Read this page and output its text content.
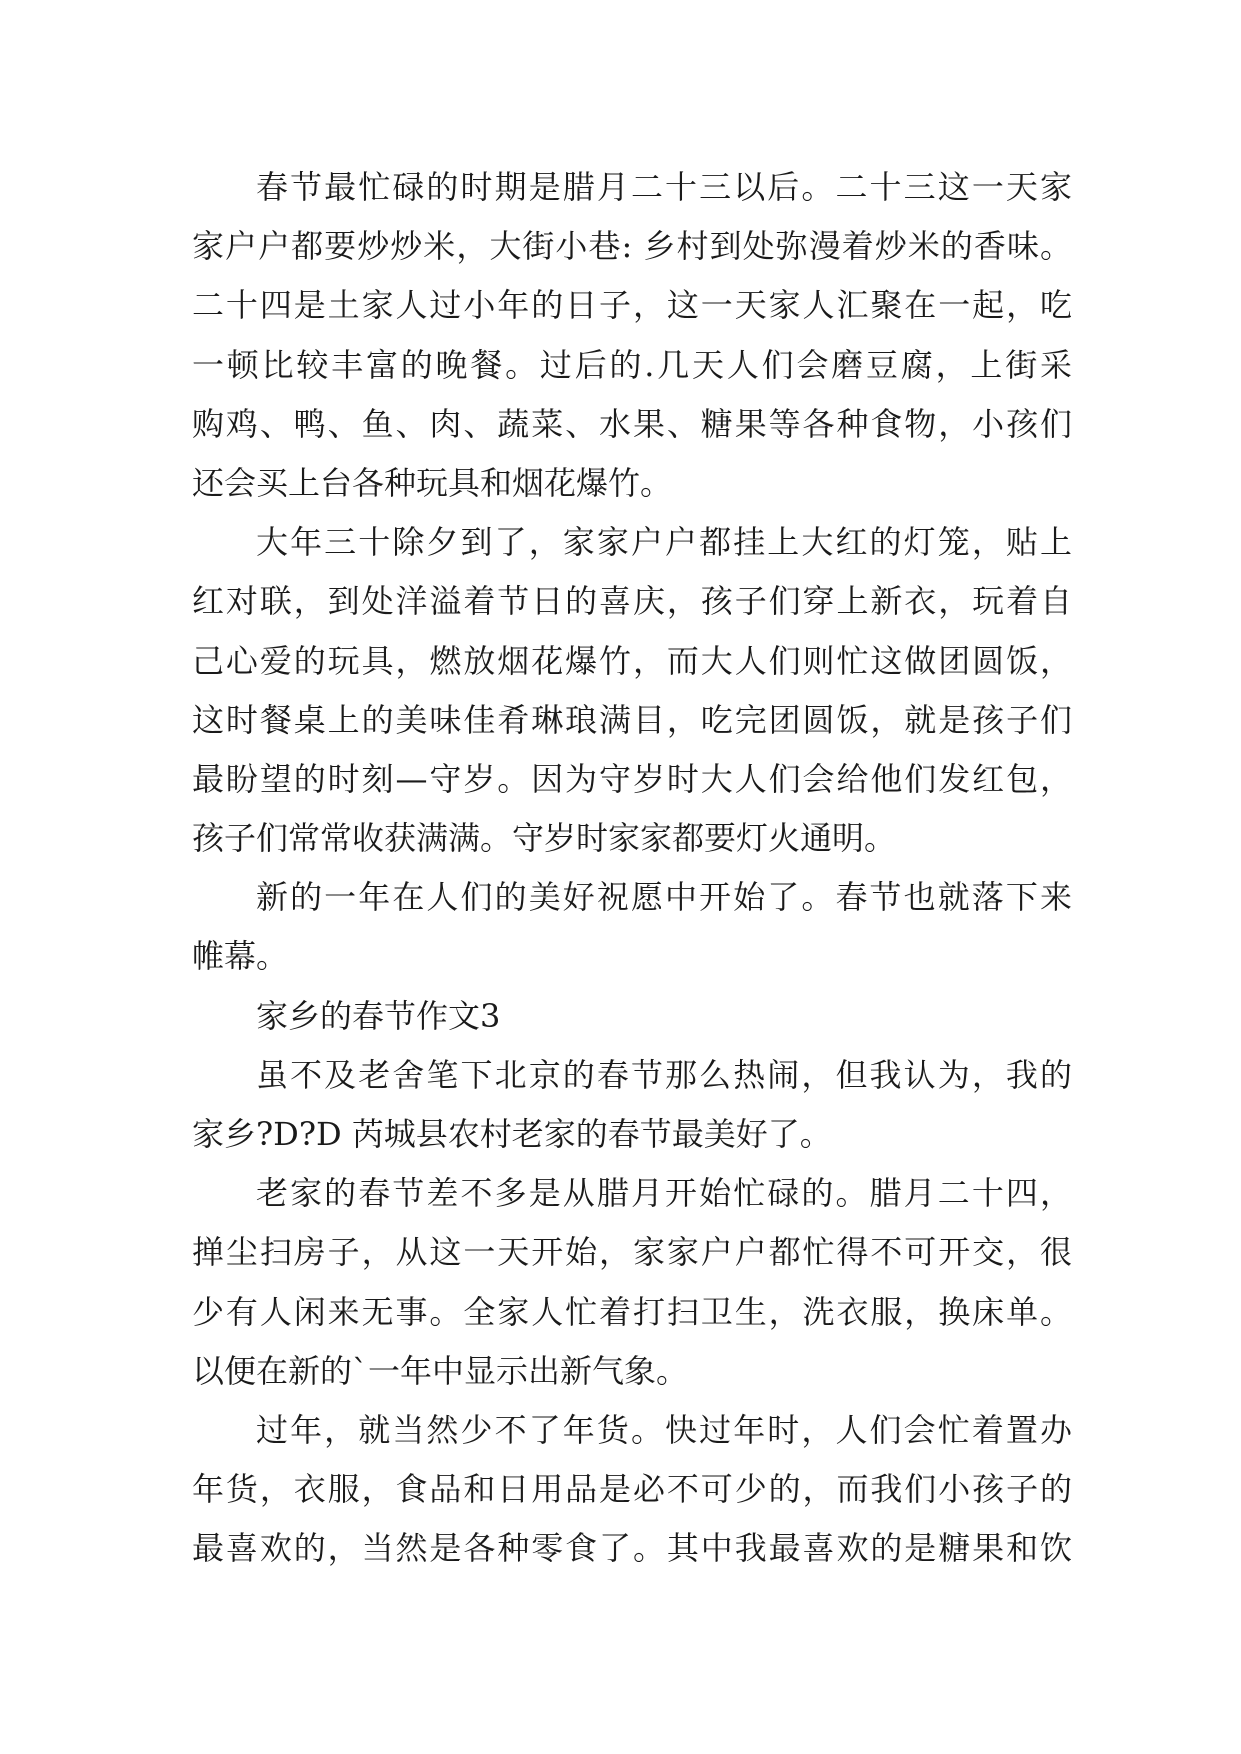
春节最忙碌的时期是腊月二十三以后。二十三这一天家
家户户都要炒炒米，大街小巷: 乡村到处弥漫着炒米的香味。
二十四是土家人过小年的日子，这一天家人汇聚在一起，吃
一顿比较丰富的晚餐。过后的.几天人们会磨豆腐，上街采
购鸡、鸭、鱼、肉、蔬菜、水果、糖果等各种食物，小孩们
还会买上台各种玩具和烟花爆竹。
大年三十除夕到了，家家户户都挂上大红的灯笼，贴上
红对联，到处洋溢着节日的喜庆，孩子们穿上新衣，玩着自
己心爱的玩具，燃放烟花爆竹，而大人们则忙这做团圆饭，
这时餐桌上的美味佳肴琳琅满目，吃完团圆饭，就是孩子们
最盼望的时刻—守岁。因为守岁时大人们会给他们发红包，
孩子们常常收获满满。守岁时家家都要灯火通明。
新的一年在人们的美好祝愿中开始了。春节也就落下来
帷幕。
家乡的春节作文3
虽不及老舍笔下北京的春节那么热闹，但我认为，我的
家乡?D?D 芮城县农村老家的春节最美好了。
老家的春节差不多是从腊月开始忙碌的。腊月二十四，
掸尘扫房子，从这一天开始，家家户户都忙得不可开交，很
少有人闲来无事。全家人忙着打扫卫生，洗衣服，换床单。
以便在新的`一年中显示出新气象。
过年，就当然少不了年货。快过年时，人们会忙着置办
年货，衣服，食品和日用品是必不可少的，而我们小孩子的
最喜欢的，当然是各种零食了。其中我最喜欢的是糖果和饮
